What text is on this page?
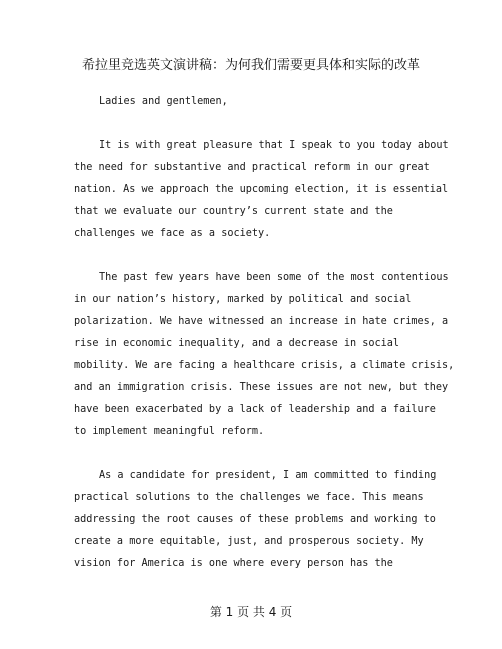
希拉里竞选英文演讲稿：为何我们需要更具体和实际的改革
Ladies and gentlemen,
It is with great pleasure that I speak to you today about
the need for substantive and practical reform in our great
nation. As we approach the upcoming election, it is essential
that we evaluate our country’s current state and the
challenges we face as a society.
The past few years have been some of the most contentious
in our nation’s history, marked by political and social
polarization. We have witnessed an increase in hate crimes, a
rise in economic inequality, and a decrease in social
mobility. We are facing a healthcare crisis, a climate crisis,
and an immigration crisis. These issues are not new, but they
have been exacerbated by a lack of leadership and a failure
to implement meaningful reform.
As a candidate for president, I am committed to finding
practical solutions to the challenges we face. This means
addressing the root causes of these problems and working to
create a more equitable, just, and prosperous society. My
vision for America is one where every person has the
第 1 页 共 4 页
